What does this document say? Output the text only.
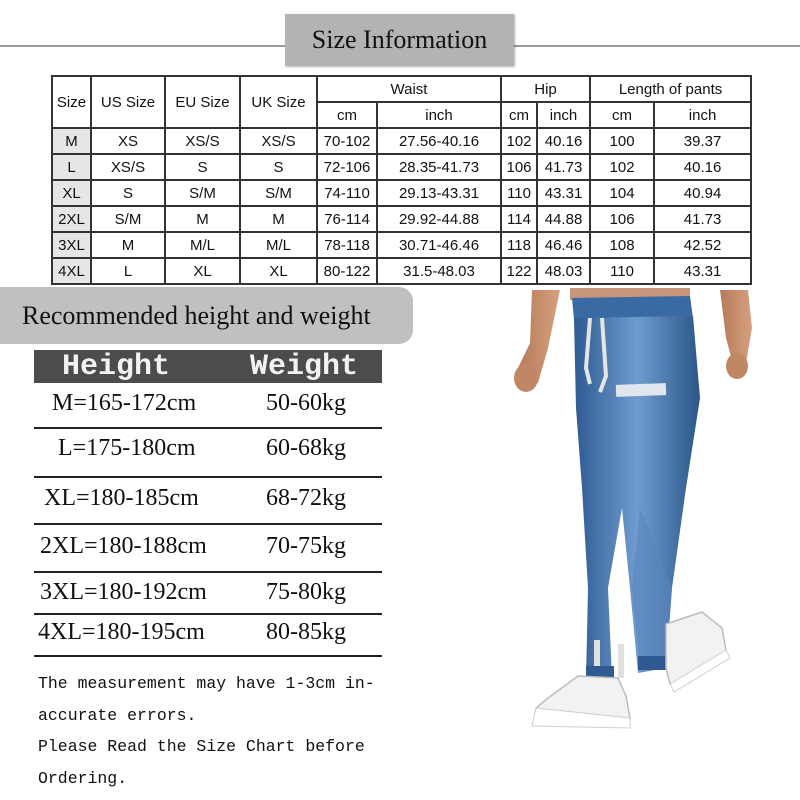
Size Information
Size	US Size	EU Size	UK Size	Waist		Hip		Length of pants	
				cm	inch	cm	inch	cm	inch
M	XS	XS/S	XS/S	70-102	27.56-40.16	102	40.16	100	39.37
L	XS/S	S	S	72-106	28.35-41.73	106	41.73	102	40.16
XL	S	S/M	S/M	74-110	29.13-43.31	110	43.31	104	40.94
2XL	S/M	M	M	76-114	29.92-44.88	114	44.88	106	41.73
3XL	M	M/L	M/L	78-118	30.71-46.46	118	46.46	108	42.52
4XL	L	XL	XL	80-122	31.5-48.03	122	48.03	110	43.31
Recommended height and weight
Height	Weight
M=165-172cm	50-60kg
L=175-180cm	60-68kg
XL=180-185cm	68-72kg
2XL=180-188cm 70-75kg
3XL=180-192cm 75-80kg
4XL=180-195cm	80-85kg
The measurement may have 1-3cm in-
accurate errors.
Please Read the Size Chart before
Ordering.
